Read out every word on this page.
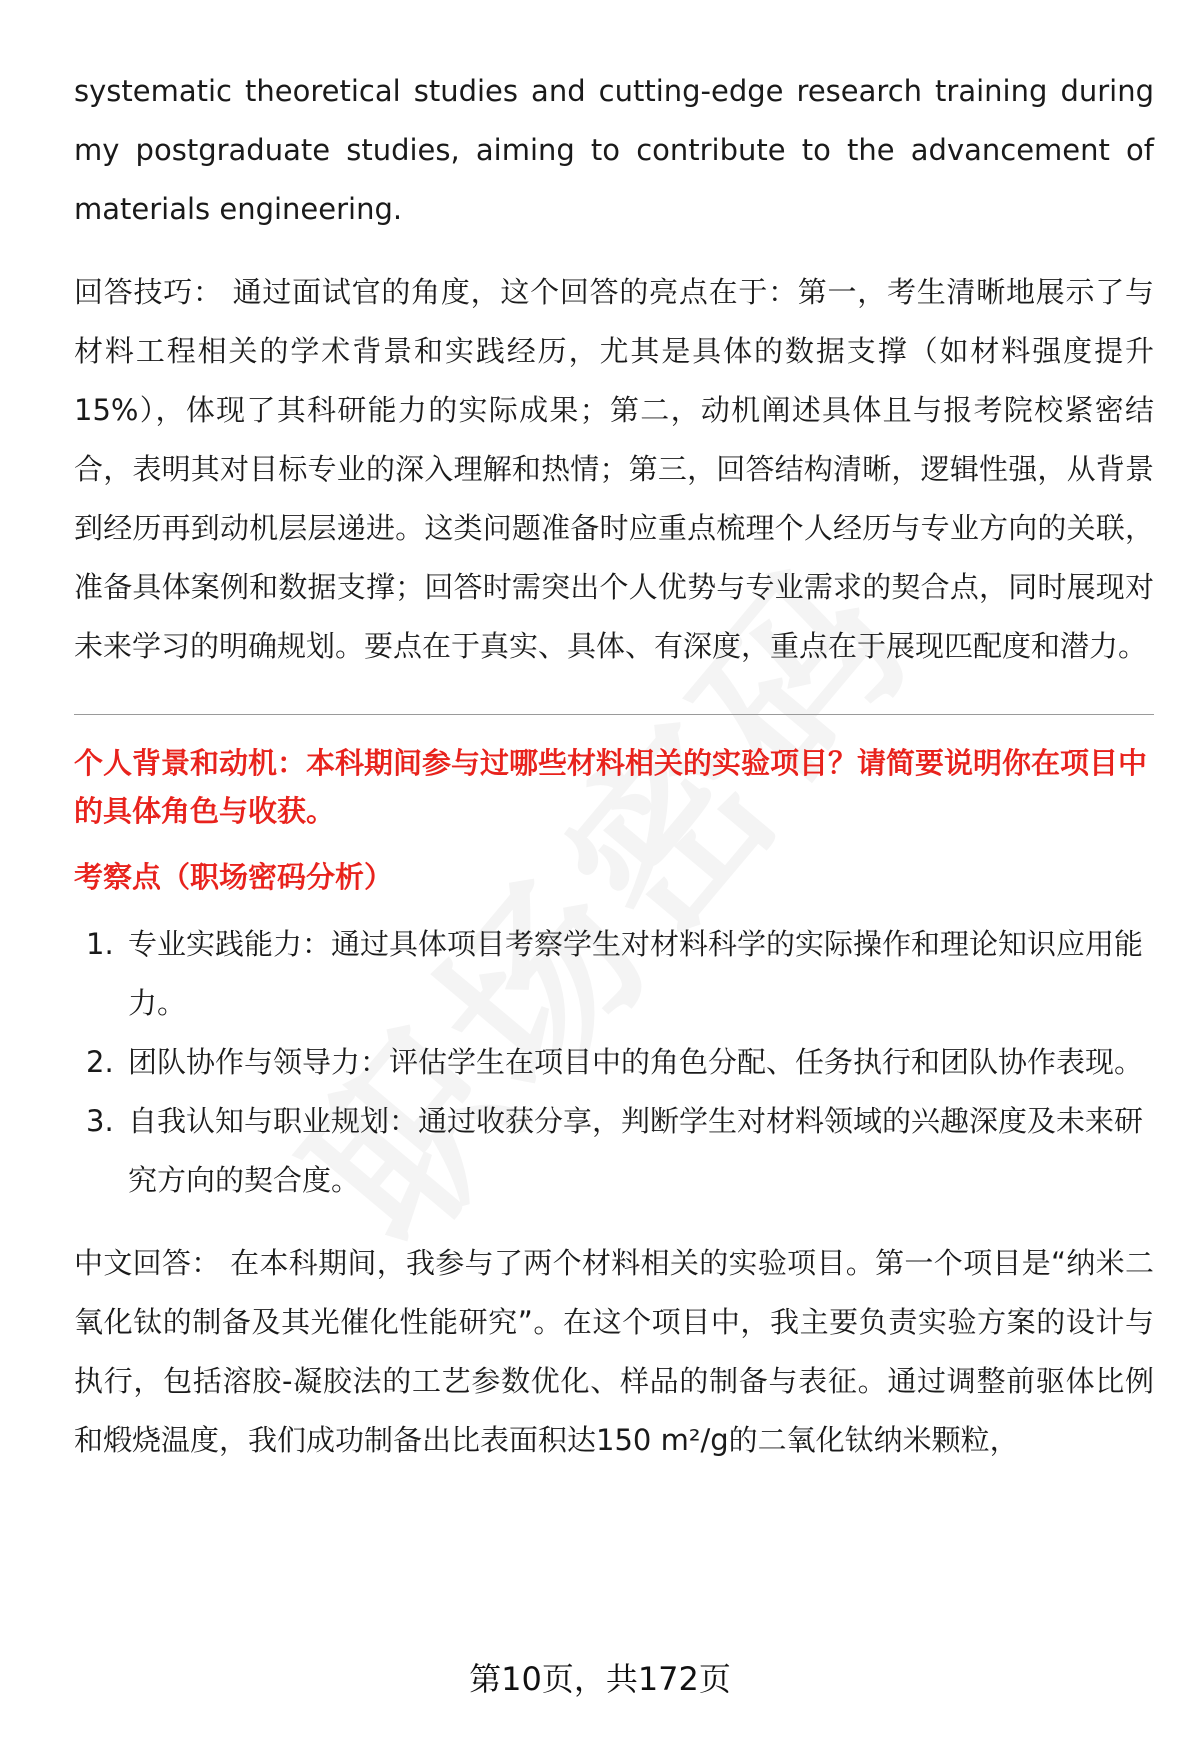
systematic theoretical studies and cutting-edge research training during my postgraduate studies, aiming to contribute to the advancement of materials engineering.

回答技巧： 通过面试官的角度，这个回答的亮点在于：第一，考生清晰地展示了与材料工程相关的学术背景和实践经历，尤其是具体的数据支撑（如材料强度提升15%），体现了其科研能力的实际成果；第二，动机阐述具体且与报考院校紧密结合，表明其对目标专业的深入理解和热情；第三，回答结构清晰，逻辑性强，从背景到经历再到动机层层递进。这类问题准备时应重点梳理个人经历与专业方向的关联，准备具体案例和数据支撑；回答时需突出个人优势与专业需求的契合点，同时展现对未来学习的明确规划。要点在于真实、具体、有深度，重点在于展现匹配度和潜力。

个人背景和动机：本科期间参与过哪些材料相关的实验项目？请简要说明你在项目中的具体角色与收获。

考察点（职场密码分析）

1. 专业实践能力：通过具体项目考察学生对材料科学的实际操作和理论知识应用能力。
2. 团队协作与领导力：评估学生在项目中的角色分配、任务执行和团队协作表现。
3. 自我认知与职业规划：通过收获分享，判断学生对材料领域的兴趣深度及未来研究方向的契合度。

中文回答： 在本科期间，我参与了两个材料相关的实验项目。第一个项目是“纳米二氧化钛的制备及其光催化性能研究”。在这个项目中，我主要负责实验方案的设计与执行，包括溶胶-凝胶法的工艺参数优化、样品的制备与表征。通过调整前驱体比例和煅烧温度，我们成功制备出比表面积达150 m²/g的二氧化钛纳米颗粒，

第10页，共172页
